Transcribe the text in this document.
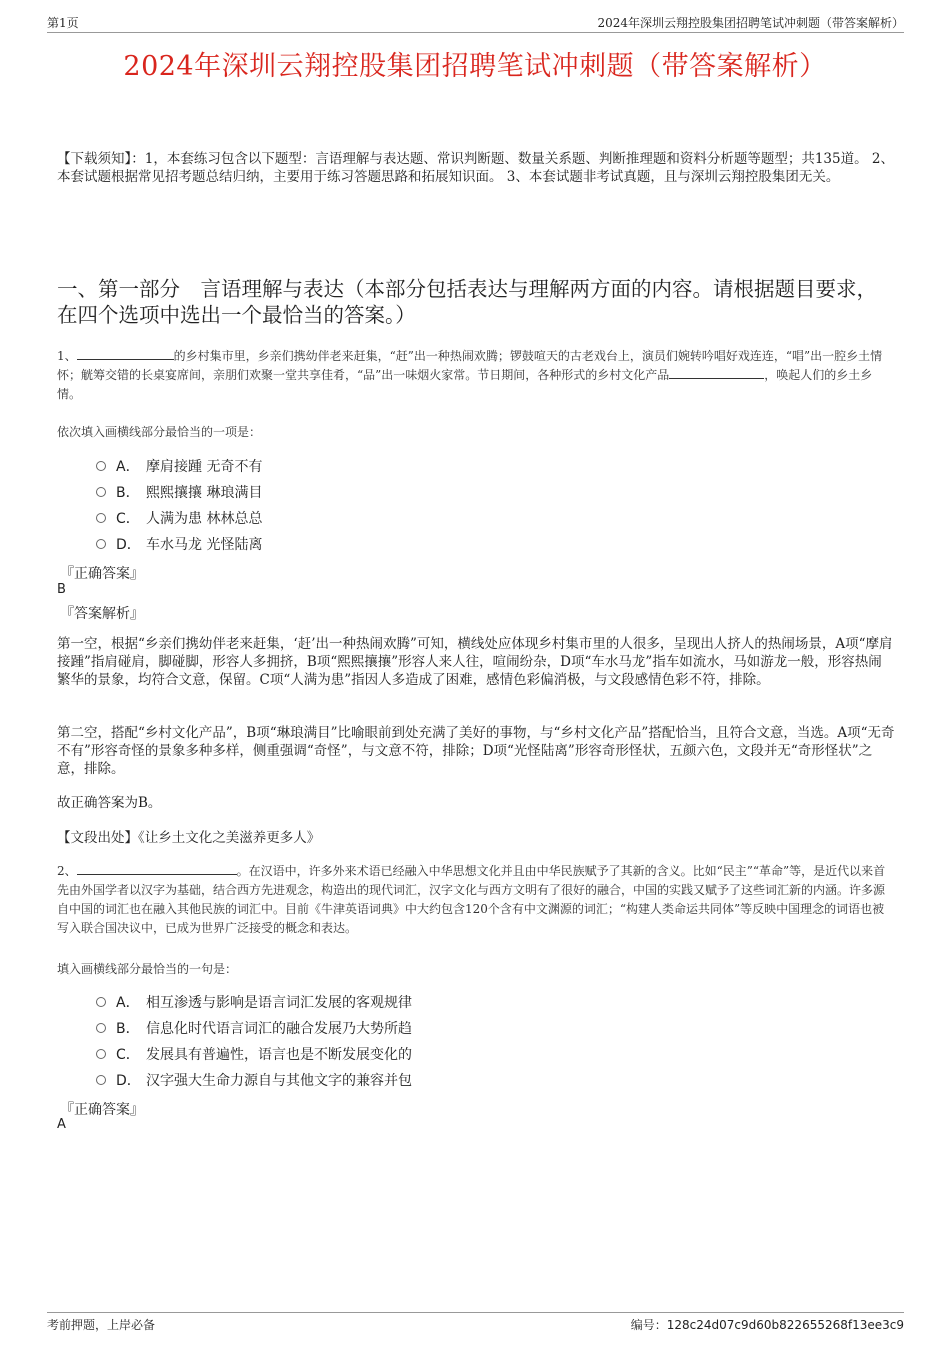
第1页	2024年深圳云翔控股集团招聘笔试冲刺题（带答案解析）
2024年深圳云翔控股集团招聘笔试冲刺题（带答案解析）
【下载须知】：1，本套练习包含以下题型：言语理解与表达题、常识判断题、数量关系题、判断推理题和资料分析题等题型；共135道。 2、本套试题根据常见招考题总结归纳，主要用于练习答题思路和拓展知识面。 3、本套试题非考试真题，且与深圳云翔控股集团无关。
一、第一部分　言语理解与表达（本部分包括表达与理解两方面的内容。请根据题目要求，在四个选项中选出一个最恰当的答案。）
1、	的乡村集市里，乡亲们携幼伴老来赶集，“赶”出一种热闹欢腾；锣鼓喧天的古老戏台上，演员们婉转吟唱好戏连连，“唱”出一腔乡土情怀；觥筹交错的长桌宴席间，亲朋们欢聚一堂共享佳肴，“品”出一味烟火家常。节日期间，各种形式的乡村文化产品	，唤起人们的乡土乡情。
依次填入画横线部分最恰当的一项是：
A． 摩肩接踵 无奇不有
B． 熙熙攘攘 琳琅满目
C． 人满为患 林林总总
D． 车水马龙 光怪陆离
『正确答案』
B
『答案解析』
第一空，根据“乡亲们携幼伴老来赶集，‘赶’出一种热闹欢腾”可知，横线处应体现乡村集市里的人很多，呈现出人挤人的热闹场景，A项“摩肩接踵”指肩碰肩，脚碰脚，形容人多拥挤，B项“熙熙攘攘”形容人来人往，喧闹纷杂，D项“车水马龙”指车如流水，马如游龙一般，形容热闹繁华的景象，均符合文意，保留。C项“人满为患”指因人多造成了困难，感情色彩偏消极，与文段感情色彩不符，排除。
第二空，搭配“乡村文化产品”，B项“琳琅满目”比喻眼前到处充满了美好的事物，与“乡村文化产品”搭配恰当，且符合文意，当选。A项“无奇不有”形容奇怪的景象多种多样，侧重强调“奇怪”，与文意不符，排除；D项“光怪陆离”形容奇形怪状，五颜六色，文段并无“奇形怪状”之意，排除。
故正确答案为B。
【文段出处】《让乡土文化之美滋养更多人》
2、	。在汉语中，许多外来术语已经融入中华思想文化并且由中华民族赋予了其新的含义。比如“民主”“革命”等，是近代以来首先由外国学者以汉字为基础，结合西方先进观念，构造出的现代词汇，汉字文化与西方文明有了很好的融合，中国的实践又赋予了这些词汇新的内涵。许多源自中国的词汇也在融入其他民族的词汇中。目前《牛津英语词典》中大约包含120个含有中文渊源的词汇；“构建人类命运共同体”等反映中国理念的词语也被写入联合国决议中，已成为世界广泛接受的概念和表达。
填入画横线部分最恰当的一句是：
A． 相互渗透与影响是语言词汇发展的客观规律
B． 信息化时代语言词汇的融合发展乃大势所趋
C． 发展具有普遍性，语言也是不断发展变化的
D． 汉字强大生命力源自与其他文字的兼容并包
『正确答案』
A
考前押题，上岸必备	编号：128c24d07c9d60b822655268f13ee3c9
